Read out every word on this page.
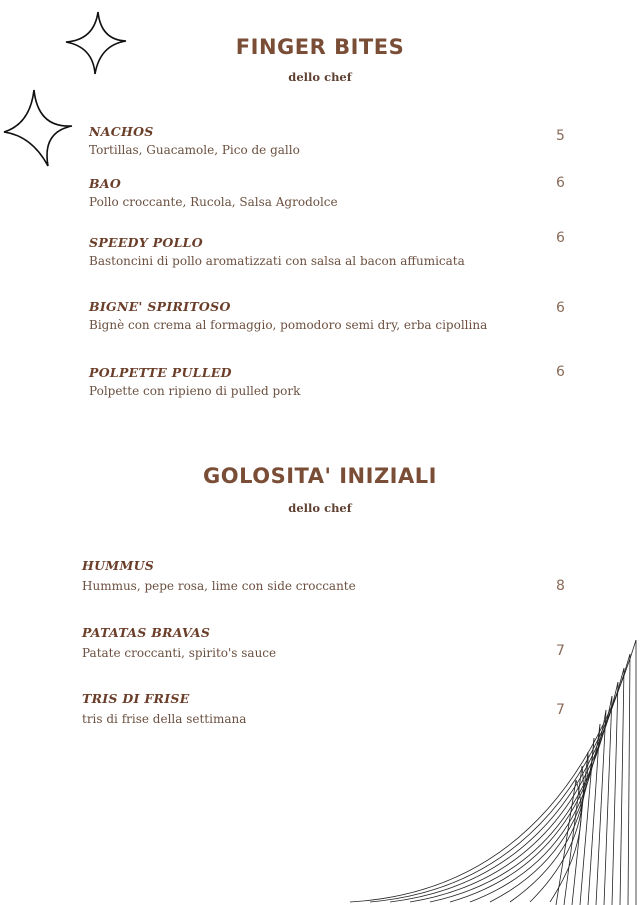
FINGER BITES
dello chef
NACHOS
Tortillas, Guacamole, Pico de gallo
5
BAO
Pollo croccante, Rucola, Salsa Agrodolce
6
SPEEDY POLLO
Bastoncini di pollo aromatizzati con salsa al bacon affumicata
6
BIGNE' SPIRITOSO
Bignè con crema al formaggio, pomodoro semi dry, erba cipollina
6
POLPETTE PULLED
Polpette con ripieno di pulled pork
6
GOLOSITA' INIZIALI
dello chef
HUMMUS
Hummus, pepe rosa, lime con side croccante	8
PATATAS BRAVAS
Patate croccanti, spirito's sauce	7
TRIS DI FRISE
tris di frise della settimana
7
